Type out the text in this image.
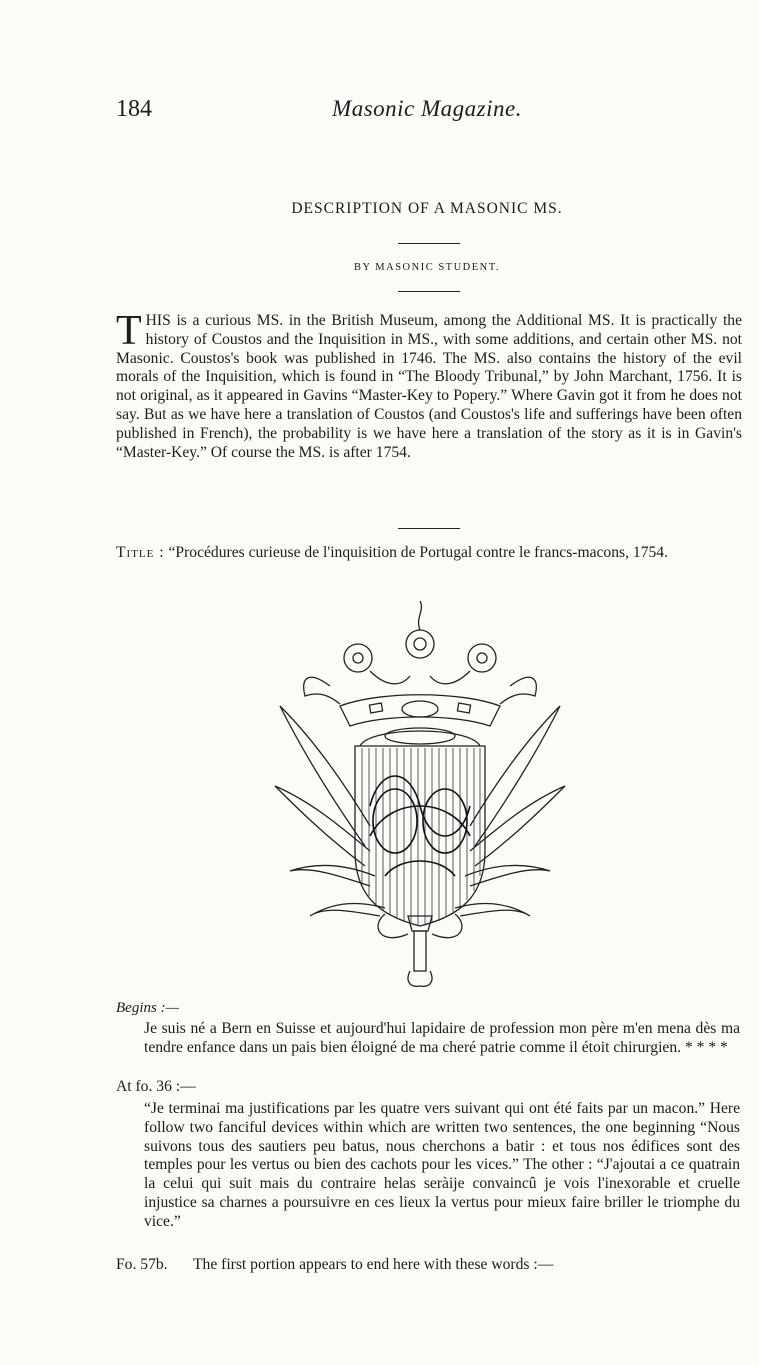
Masonic Magazine.
184
DESCRIPTION OF A MASONIC MS.
BY MASONIC STUDENT.

THIS is a curious MS. in the British Museum, among the Additional MS. It is practically the history of Coustos and the Inquisition in MS., with some additions, and certain other MS. not Masonic. Coustos's book was published in 1746. The MS. also contains the history of the evil morals of the Inquisition, which is found in “The Bloody Tribunal,” by John Marchant, 1756. It is not original, as it appeared in Gavins “Master-Key to Popery.” Where Gavin got it from he does not say. But as we have here a translation of Coustos (and Coustos's life and sufferings have been often published in French), the probability is we have here a translation of the story as it is in Gavin's “Master-Key.” Of course the MS. is after 1754.

Title : “Procédures curieuse de l'inquisition de Portugal contre le francs-macons, 1754.

Begins :—

Je suis né a Bern en Suisse et aujourd'hui lapidaire de profession mon père m'en mena dès ma tendre enfance dans un pais bien éloigné de ma cheré patrie comme il étoit chirurgien. * * * *

At fo. 36 :—

“Je terminai ma justifications par les quatre vers suivant qui ont été faits par un macon.” Here follow two fanciful devices within which are written two sentences, the one beginning “Nous suivons tous des sautiers peu batus, nous cherchons a batir : et tous nos édifices sont des temples pour les vertus ou bien des cachots pour les vices.” The other : “J'ajoutai a ce quatrain la celui qui suit mais du contraire helas seràije convaincû je vois l'inexorable et cruelle injustice sa charnes a poursuivre en ces lieux la vertus pour mieux faire briller le triomphe du vice.”

Fo. 57b. The first portion appears to end here with these words :—
